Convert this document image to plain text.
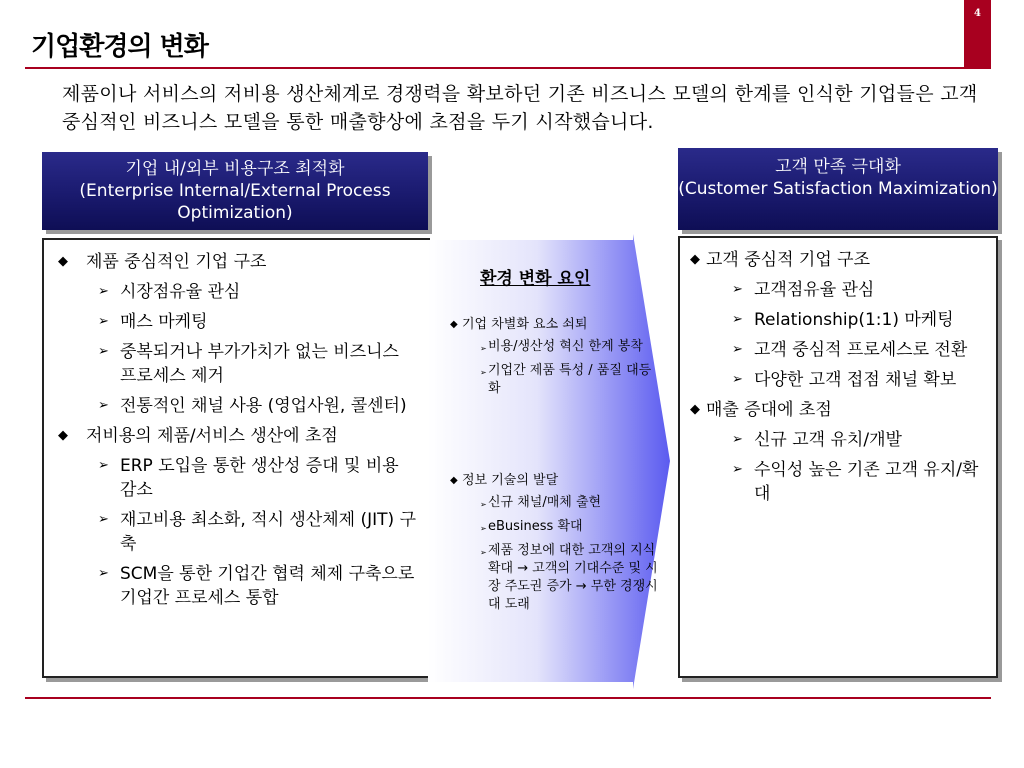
4
기업환경의 변화
제품이나 서비스의 저비용 생산체계로 경쟁력을 확보하던 기존 비즈니스 모델의 한계를 인식한 기업들은 고객 중심적인 비즈니스 모델을 통한 매출향상에 초점을 두기 시작했습니다.
기업 내/외부 비용구조 최적화
(Enterprise Internal/External Process Optimization)
고객 만족 극대화
(Customer Satisfaction Maximization)
◆	제품 중심적인 기업 구조
➢ 시장점유율 관심
➢ 매스 마케팅
➢ 중복되거나 부가가치가 없는 비즈니스 프로세스 제거
➢ 전통적인 채널 사용 (영업사원, 콜센터)
◆	저비용의 제품/서비스 생산에 초점
➢ ERP 도입을 통한 생산성 증대 및 비용 감소
➢ 재고비용 최소화, 적시 생산체제 (JIT) 구축
➢ SCM을 통한 기업간 협력 체제 구축으로 기업간 프로세스 통합
환경 변화 요인
◆ 기업 차별화 요소 쇠퇴
➢ 비용/생산성 혁신 한계 봉착
➢ 기업간 제품 특성 / 품질 대등화
◆ 정보 기술의 발달
➢ 신규 채널/매체 출현
➢ eBusiness 확대
➢ 제품 정보에 대한 고객의 지식 확대 → 고객의 기대수준 및 시장 주도권 증가 → 무한 경쟁시대 도래
◆ 고객 중심적 기업 구조
➢ 고객점유율 관심
➢ Relationship(1:1) 마케팅
➢ 고객 중심적 프로세스로 전환
➢ 다양한 고객 접점 채널 확보
◆ 매출 증대에 초점
➢ 신규 고객 유치/개발
➢ 수익성 높은 기존 고객 유지/확대
